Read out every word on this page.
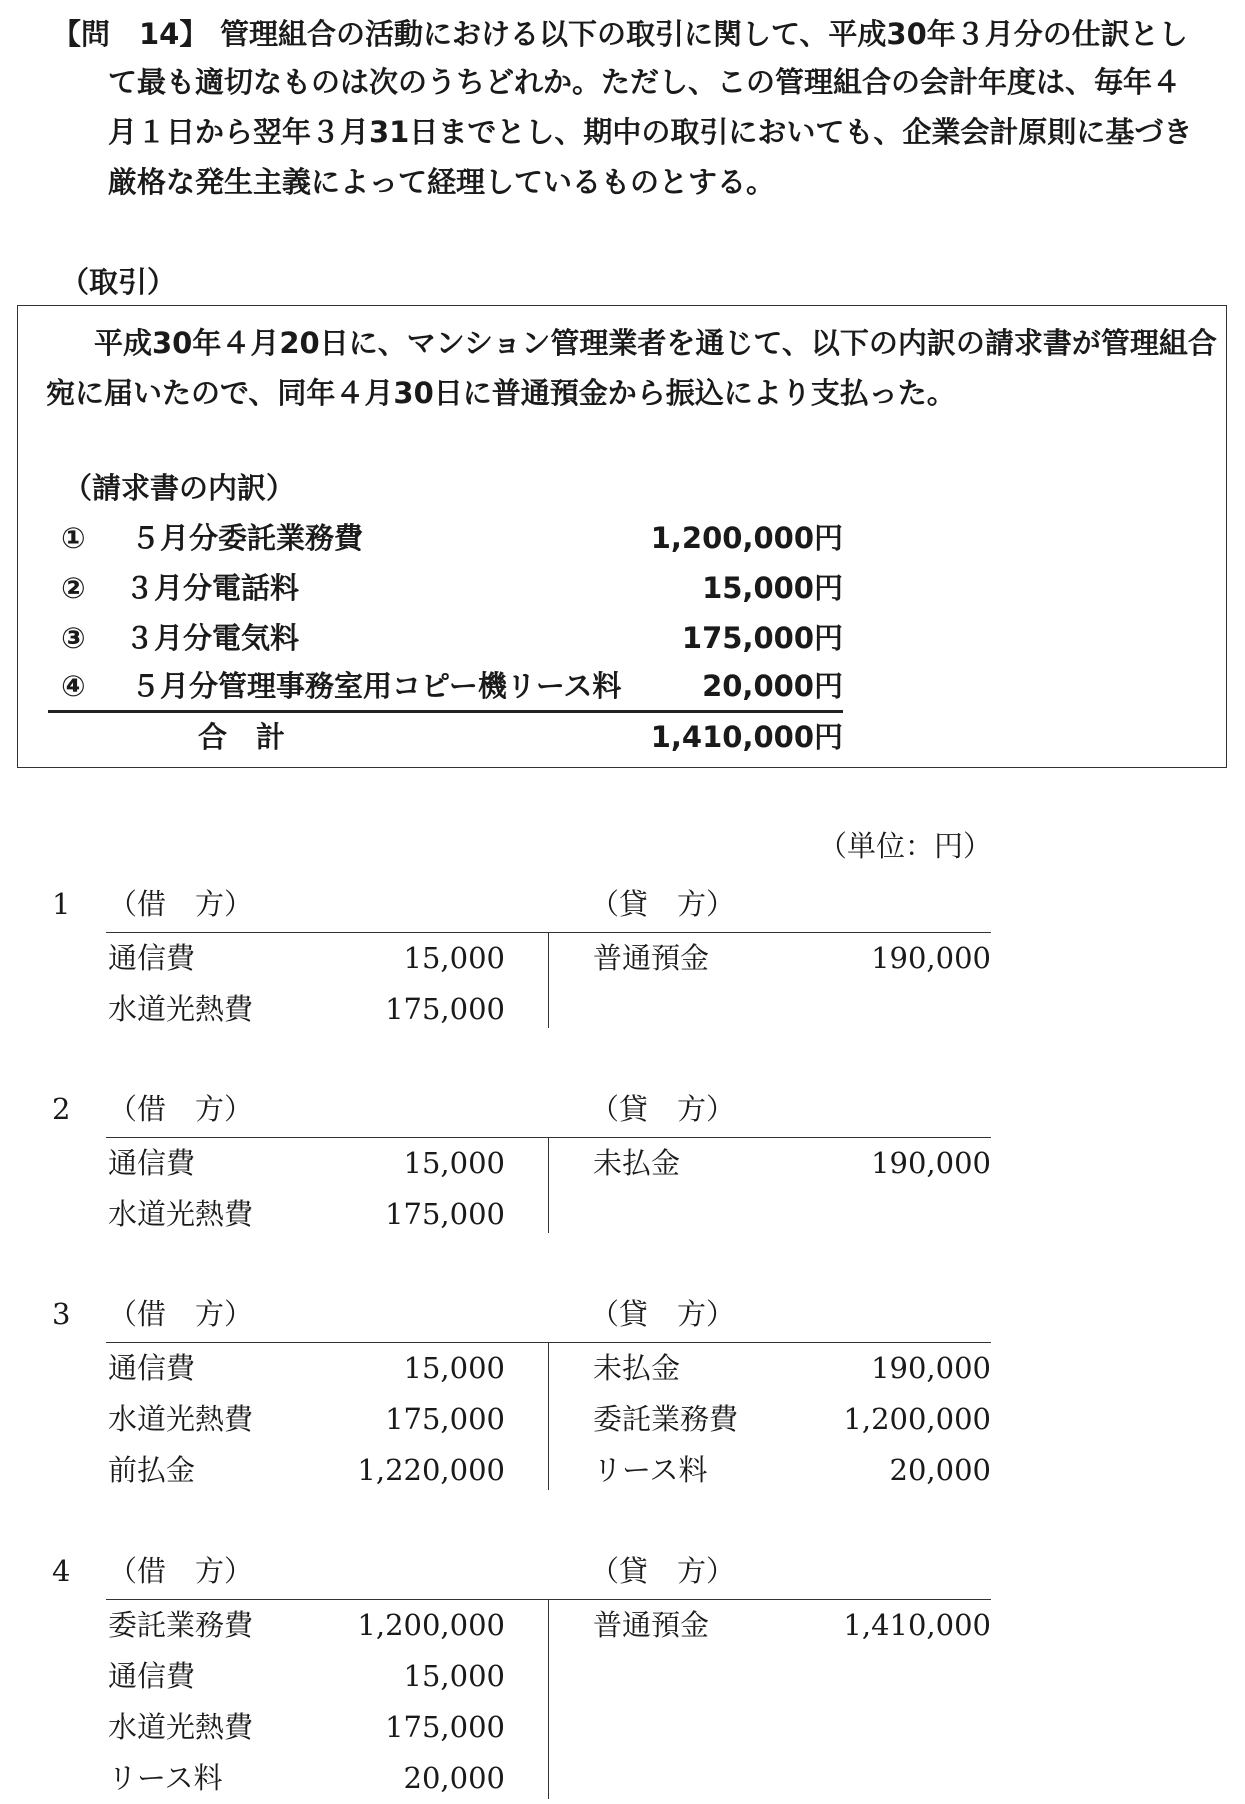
【問　14】 管理組合の活動における以下の取引に関して、平成30年３月分の仕訳とし
て最も適切なものは次のうちどれか。ただし、この管理組合の会計年度は、毎年４
月１日から翌年３月31日までとし、期中の取引においても、企業会計原則に基づき
厳格な発生主義によって経理しているものとする。
（取引）
平成30年４月20日に、マンション管理業者を通じて、以下の内訳の請求書が管理組合
宛に届いたので、同年４月30日に普通預金から振込により支払った。
（請求書の内訳）
① ５月分委託業務費	1,200,000円
② ３月分電話料	15,000円
③ ３月分電気料	175,000円
④ ５月分管理事務室用コピー機リース料	20,000円
合　計	1,410,000円
（単位：円）
1 （借　方）	（貸　方）
通信費	15,000	普通預金	190,000
水道光熱費	175,000
2 （借　方）	（貸　方）
通信費	15,000	未払金	190,000
水道光熱費	175,000
3 （借　方）	（貸　方）
通信費	15,000	未払金	190,000
水道光熱費	175,000	委託業務費	1,200,000
前払金	1,220,000	リース料	20,000
4 （借　方）	（貸　方）
委託業務費	1,200,000	普通預金	1,410,000
通信費	15,000
水道光熱費	175,000
リース料	20,000
